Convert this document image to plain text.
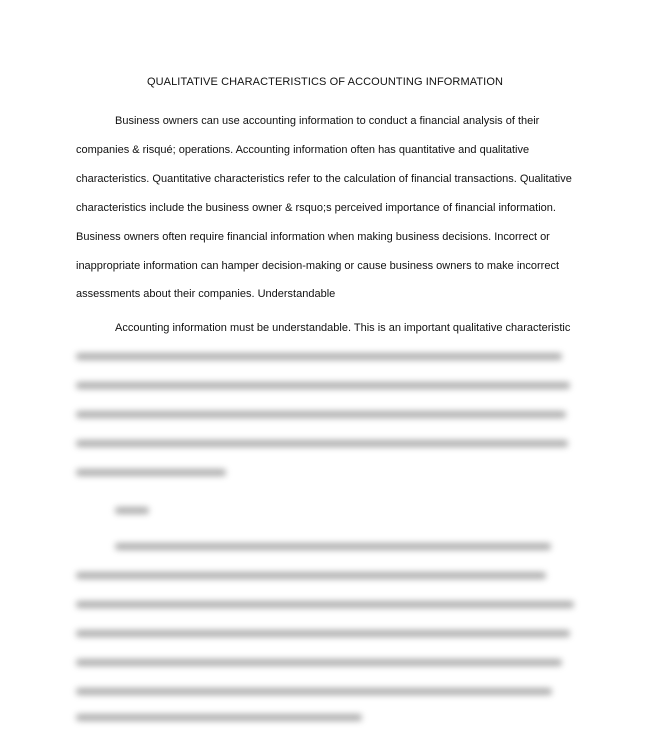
QUALITATIVE CHARACTERISTICS OF ACCOUNTING INFORMATION

Business owners can use accounting information to conduct a financial analysis of their companies & risqué; operations. Accounting information often has quantitative and qualitative characteristics. Quantitative characteristics refer to the calculation of financial transactions. Qualitative characteristics include the business owner & rsquo;s perceived importance of financial information. Business owners often require financial information when making business decisions. Incorrect or inappropriate information can hamper decision-making or cause business owners to make incorrect assessments about their companies. Understandable

Accounting information must be understandable. This is an important qualitative characteristic
